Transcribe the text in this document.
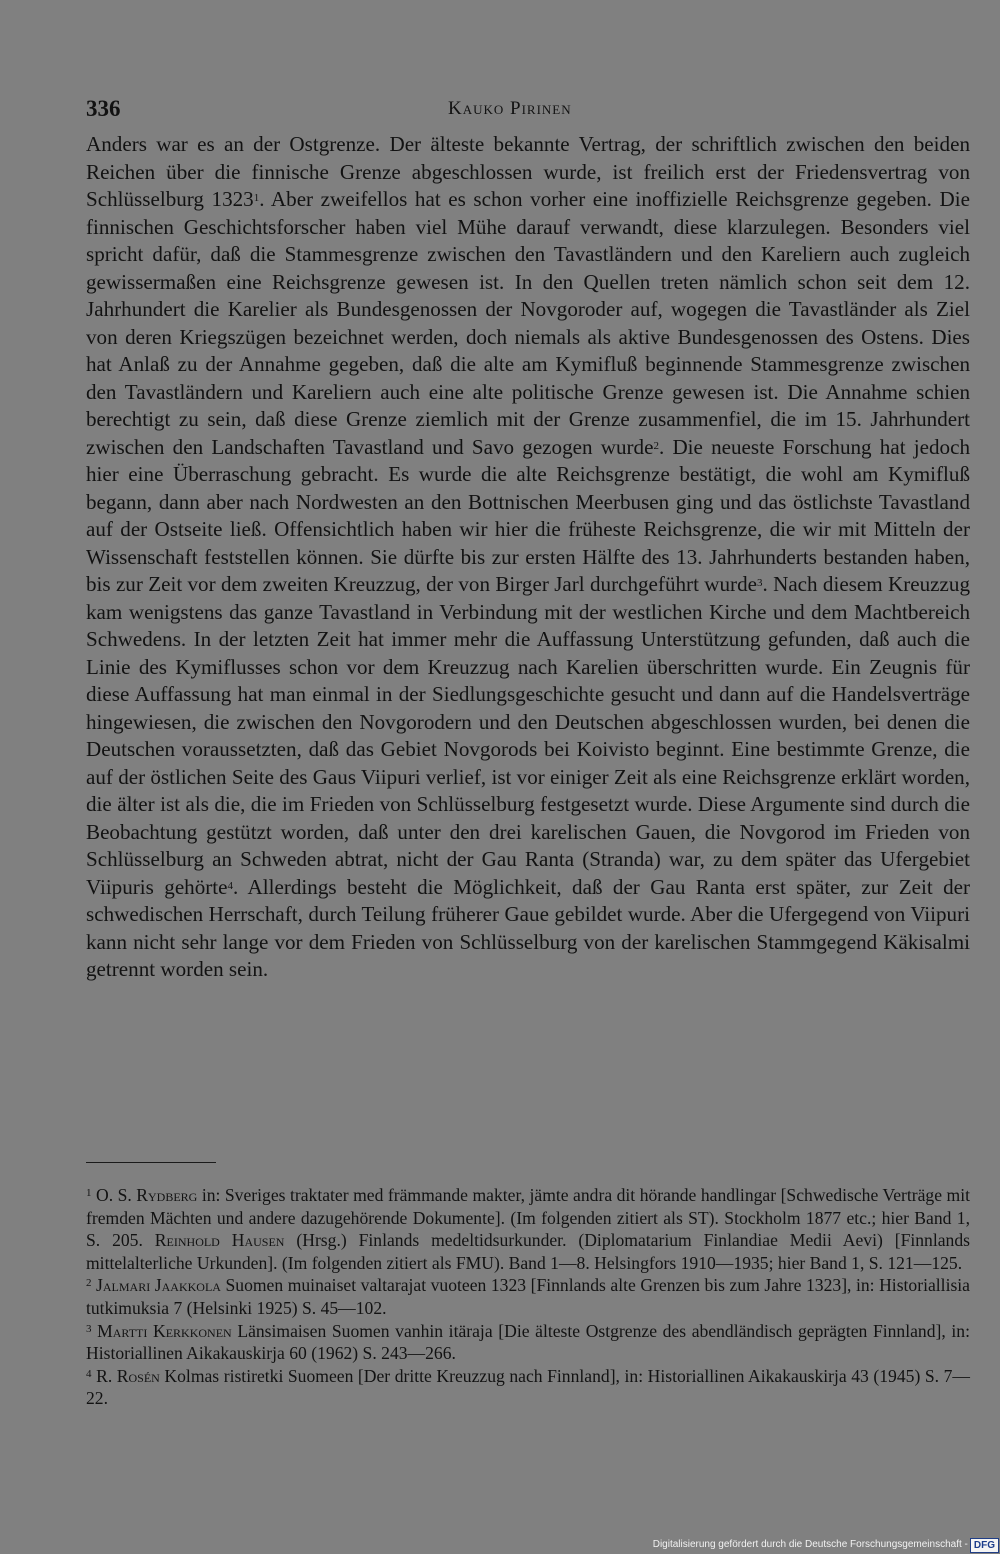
336	Kauko Pirinen

Anders war es an der Ostgrenze. Der älteste bekannte Vertrag, der schriftlich zwischen den beiden Reichen über die finnische Grenze abgeschlossen wurde, ist freilich erst der Friedensvertrag von Schlüsselburg 1323$^1$. Aber zweifellos hat es schon vorher eine inoffizielle Reichsgrenze gegeben. Die finnischen Geschichtsforscher haben viel Mühe darauf verwandt, diese klarzulegen. Besonders viel spricht dafür, daß die Stammesgrenze zwischen den Tavastländern und den Kareliern auch zugleich gewissermaßen eine Reichsgrenze gewesen ist. In den Quellen treten nämlich schon seit dem 12. Jahrhundert die Karelier als Bundesgenossen der Novgoroder auf, wogegen die Tavastländer als Ziel von deren Kriegszügen bezeichnet werden, doch niemals als aktive Bundesgenossen des Ostens. Dies hat Anlaß zu der Annahme gegeben, daß die alte am Kymifluß beginnende Stammesgrenze zwischen den Tavastländern und Kareliern auch eine alte politische Grenze gewesen ist. Die Annahme schien berechtigt zu sein, daß diese Grenze ziemlich mit der Grenze zusammenfiel, die im 15. Jahrhundert zwischen den Landschaften Tavastland und Savo gezogen wurde$^2$. Die neueste Forschung hat jedoch hier eine Überraschung gebracht. Es wurde die alte Reichsgrenze bestätigt, die wohl am Kymifluß begann, dann aber nach Nordwesten an den Bottnischen Meerbusen ging und das östlichste Tavastland auf der Ostseite ließ. Offensichtlich haben wir hier die früheste Reichsgrenze, die wir mit Mitteln der Wissenschaft feststellen können. Sie dürfte bis zur ersten Hälfte des 13. Jahrhunderts bestanden haben, bis zur Zeit vor dem zweiten Kreuzzug, der von Birger Jarl durchgeführt wurde$^3$. Nach diesem Kreuzzug kam wenigstens das ganze Tavastland in Verbindung mit der westlichen Kirche und dem Machtbereich Schwedens. In der letzten Zeit hat immer mehr die Auffassung Unterstützung gefunden, daß auch die Linie des Kymiflusses schon vor dem Kreuzzug nach Karelien überschritten wurde. Ein Zeugnis für diese Auffassung hat man einmal in der Siedlungsgeschichte gesucht und dann auf die Handelsverträge hingewiesen, die zwischen den Novgorodern und den Deutschen abgeschlossen wurden, bei denen die Deutschen voraussetzten, daß das Gebiet Novgorods bei Koivisto beginnt. Eine bestimmte Grenze, die auf der östlichen Seite des Gaus Viipuri verlief, ist vor einiger Zeit als eine Reichsgrenze erklärt worden, die älter ist als die, die im Frieden von Schlüsselburg festgesetzt wurde. Diese Argumente sind durch die Beobachtung gestützt worden, daß unter den drei karelischen Gauen, die Novgorod im Frieden von Schlüsselburg an Schweden abtrat, nicht der Gau Ranta (Stranda) war, zu dem später das Ufergebiet Viipuris gehörte$^4$. Allerdings besteht die Möglichkeit, daß der Gau Ranta erst später, zur Zeit der schwedischen Herrschaft, durch Teilung früherer Gaue gebildet wurde. Aber die Ufergegend von Viipuri kann nicht sehr lange vor dem Frieden von Schlüsselburg von der karelischen Stammgegend Käkisalmi getrennt worden sein.

$^1$ O. S. Rydberg in: Sveriges traktater med främmande makter, jämte andra dit hörande handlingar [Schwedische Verträge mit fremden Mächten und andere dazugehörende Dokumente]. (Im folgenden zitiert als ST). Stockholm 1877 etc.; hier Band 1, S. 205. Reinhold Hausen (Hrsg.) Finlands medeltidsurkunder. (Diplomatarium Finlandiae Medii Aevi) [Finnlands mittelalterliche Urkunden]. (Im folgenden zitiert als FMU). Band 1—8. Helsingfors 1910—1935; hier Band 1, S. 121—125.

$^2$ Jalmari Jaakkola Suomen muinaiset valtarajat vuoteen 1323 [Finnlands alte Grenzen bis zum Jahre 1323], in: Historiallisia tutkimuksia 7 (Helsinki 1925) S. 45—102.

$^3$ Martti Kerkkonen Länsimaisen Suomen vanhin itäraja [Die älteste Ostgrenze des abendländisch geprägten Finnland], in: Historiallinen Aikakauskirja 60 (1962) S. 243—266.

$^4$ R. Rosén Kolmas ristiretki Suomeen [Der dritte Kreuzzug nach Finnland], in: Historiallinen Aikakauskirja 43 (1945) S. 7—22.

Digitalisierung gefördert durch die Deutsche Forschungsgemeinschaft - DFG
